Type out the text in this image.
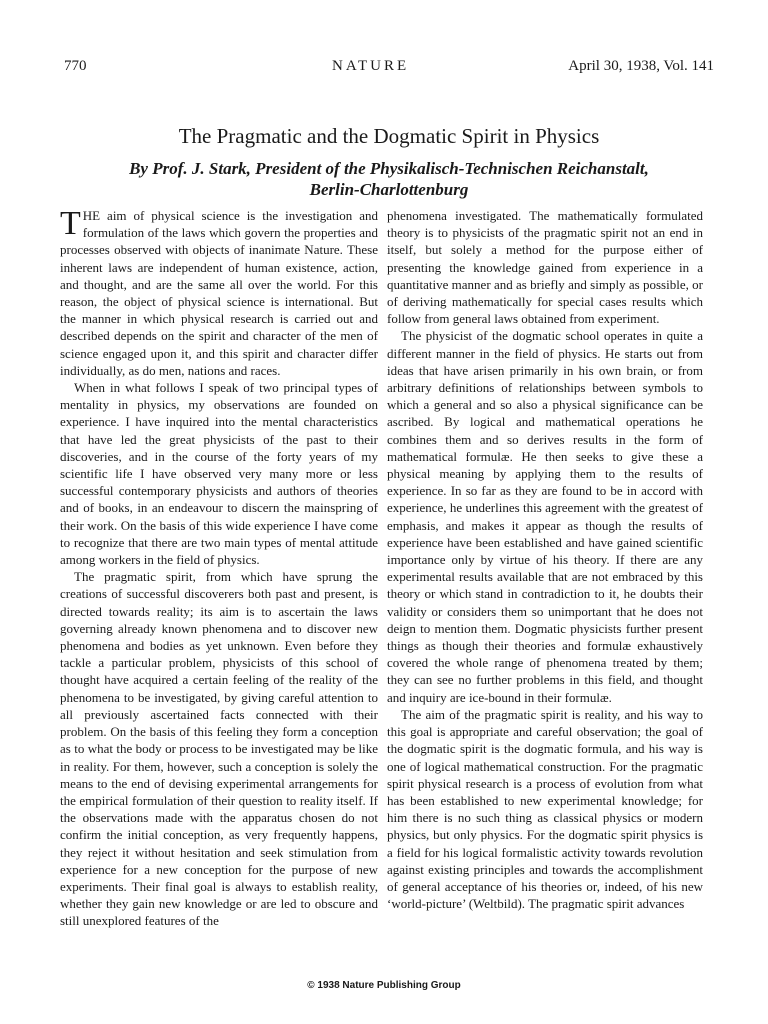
770	NATURE	April 30, 1938, Vol. 141
The Pragmatic and the Dogmatic Spirit in Physics
By Prof. J. Stark, President of the Physikalisch-Technischen Reichanstalt,
Berlin-Charlottenburg

THE aim of physical science is the investigation and formulation of the laws which govern the properties and processes observed with objects of inanimate Nature. These inherent laws are independent of human existence, action, and thought, and are the same all over the world. For this reason, the object of physical science is international. But the manner in which physical research is carried out and described depends on the spirit and character of the men of science engaged upon it, and this spirit and character differ individually, as do men, nations and races.

When in what follows I speak of two principal types of mentality in physics, my observations are founded on experience. I have inquired into the mental characteristics that have led the great physicists of the past to their discoveries, and in the course of the forty years of my scientific life I have observed very many more or less successful contemporary physicists and authors of theories and of books, in an endeavour to discern the mainspring of their work. On the basis of this wide experience I have come to recognize that there are two main types of mental attitude among workers in the field of physics.

The pragmatic spirit, from which have sprung the creations of successful discoverers both past and present, is directed towards reality; its aim is to ascertain the laws governing already known phenomena and to discover new phenomena and bodies as yet unknown. Even before they tackle a particular problem, physicists of this school of thought have acquired a certain feeling of the reality of the phenomena to be investigated, by giving careful attention to all previously ascertained facts connected with their problem. On the basis of this feeling they form a conception as to what the body or process to be investigated may be like in reality. For them, however, such a conception is solely the means to the end of devising experimental arrangements for the empirical formulation of their question to reality itself. If the observations made with the apparatus chosen do not confirm the initial conception, as very frequently happens, they reject it without hesitation and seek stimulation from experience for a new conception for the purpose of new experiments. Their final goal is always to establish reality, whether they gain new knowledge or are led to obscure and still unexplored features of the

phenomena investigated. The mathematically formulated theory is to physicists of the pragmatic spirit not an end in itself, but solely a method for the purpose either of presenting the knowledge gained from experience in a quantitative manner and as briefly and simply as possible, or of deriving mathematically for special cases results which follow from general laws obtained from experiment.

The physicist of the dogmatic school operates in quite a different manner in the field of physics. He starts out from ideas that have arisen primarily in his own brain, or from arbitrary definitions of relationships between symbols to which a general and so also a physical significance can be ascribed. By logical and mathematical operations he combines them and so derives results in the form of mathematical formulæ. He then seeks to give these a physical meaning by applying them to the results of experience. In so far as they are found to be in accord with experience, he underlines this agreement with the greatest of emphasis, and makes it appear as though the results of experience have been established and have gained scientific importance only by virtue of his theory. If there are any experimental results available that are not embraced by this theory or which stand in contradiction to it, he doubts their validity or considers them so unimportant that he does not deign to mention them. Dogmatic physicists further present things as though their theories and formulæ exhaustively covered the whole range of phenomena treated by them; they can see no further problems in this field, and thought and inquiry are ice-bound in their formulæ.

The aim of the pragmatic spirit is reality, and his way to this goal is appropriate and careful observation; the goal of the dogmatic spirit is the dogmatic formula, and his way is one of logical mathematical construction. For the pragmatic spirit physical research is a process of evolution from what has been established to new experimental knowledge; for him there is no such thing as classical physics or modern physics, but only physics. For the dogmatic spirit physics is a field for his logical formalistic activity towards revolution against existing principles and towards the accomplishment of general acceptance of his theories or, indeed, of his new ‘world-picture’ (Weltbild). The pragmatic spirit advances

© 1938 Nature Publishing Group
